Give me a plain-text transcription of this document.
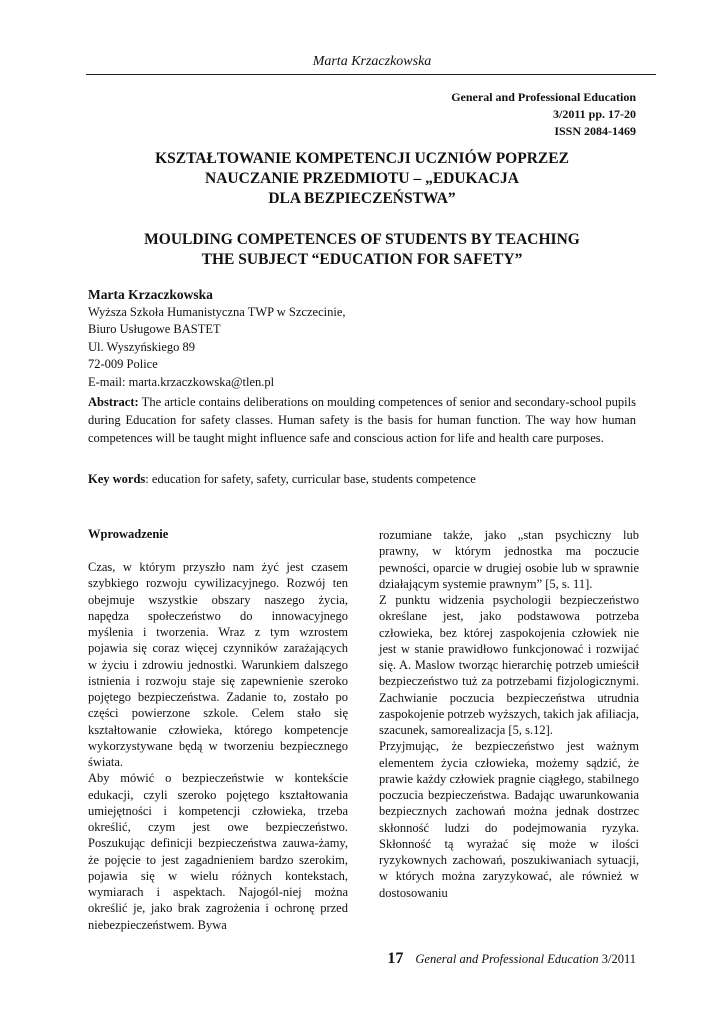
Marta Krzaczkowska
General and Professional Education
3/2011 pp. 17-20
ISSN 2084-1469
KSZTAŁTOWANIE KOMPETENCJI UCZNIÓW POPRZEZ
NAUCZANIE PRZEDMIOTU – „EDUKACJA
DLA BEZPIECZEŃSTWA”
MOULDING COMPETENCES OF STUDENTS BY TEACHING
THE SUBJECT “EDUCATION FOR SAFETY”
Marta Krzaczkowska
Wyższa Szkoła Humanistyczna TWP w Szczecinie,
Biuro Usługowe BASTET
Ul. Wyszyńskiego 89
72-009 Police
E-mail: marta.krzaczkowska@tlen.pl

Abstract: The article contains deliberations on moulding competences of senior and secondary-school pupils during Education for safety classes. Human safety is the basis for human function. The way how human competences will be taught might influence safe and conscious action for life and health care purposes.

Key words: education for safety, safety, curricular base, students competence

Wprowadzenie
Czas, w którym przyszło nam żyć jest czasem szybkiego rozwoju cywilizacyjnego. Rozwój ten obejmuje wszystkie obszary naszego życia, napędza społeczeństwo do innowacyjnego myślenia i tworzenia. Wraz z tym wzrostem pojawia się coraz więcej czynników zarażających w życiu i zdrowiu jednostki. Warunkiem dalszego istnienia i rozwoju staje się zapewnienie szeroko pojętego bezpieczeństwa. Zadanie to, zostało po części powierzone szkole. Celem stało się kształtowanie człowieka, którego kompetencje wykorzystywane będą w tworzeniu bezpiecznego świata.
Aby mówić o bezpieczeństwie w kontekście edukacji, czyli szeroko pojętego kształtowania umiejętności i kompetencji człowieka, trzeba określić, czym jest owe bezpieczeństwo. Poszukując definicji bezpieczeństwa zauwa-żamy, że pojęcie to jest zagadnieniem bardzo szerokim, pojawia się w wielu różnych kontekstach, wymiarach i aspektach. Najogól-niej można określić je, jako brak zagrożenia i ochronę przed niebezpieczeństwem. Bywa
rozumiane także, jako „stan psychiczny lub prawny, w którym jednostka ma poczucie pewności, oparcie w drugiej osobie lub w sprawnie działającym systemie prawnym” [5, s. 11].
Z punktu widzenia psychologii bezpieczeństwo określane jest, jako podstawowa potrzeba człowieka, bez której zaspokojenia człowiek nie jest w stanie prawidłowo funkcjonować i rozwijać się. A. Maslow tworząc hierarchię potrzeb umieścił bezpieczeństwo tuż za potrzebami fizjologicznymi. Zachwianie poczucia bezpieczeństwa utrudnia zaspokojenie potrzeb wyższych, takich jak afiliacja, szacunek, samorealizacja [5, s.12].
Przyjmując, że bezpieczeństwo jest ważnym elementem życia człowieka, możemy sądzić, że prawie każdy człowiek pragnie ciągłego, stabilnego poczucia bezpieczeństwa. Badając uwarunkowania bezpiecznych zachowań można jednak dostrzec skłonność ludzi do podejmowania ryzyka. Skłonność tą wyrażać się może w ilości ryzykownych zachowań, poszukiwaniach sytuacji, w których można zaryzykować, ale również w dostosowaniu
17 General and Professional Education 3/2011
